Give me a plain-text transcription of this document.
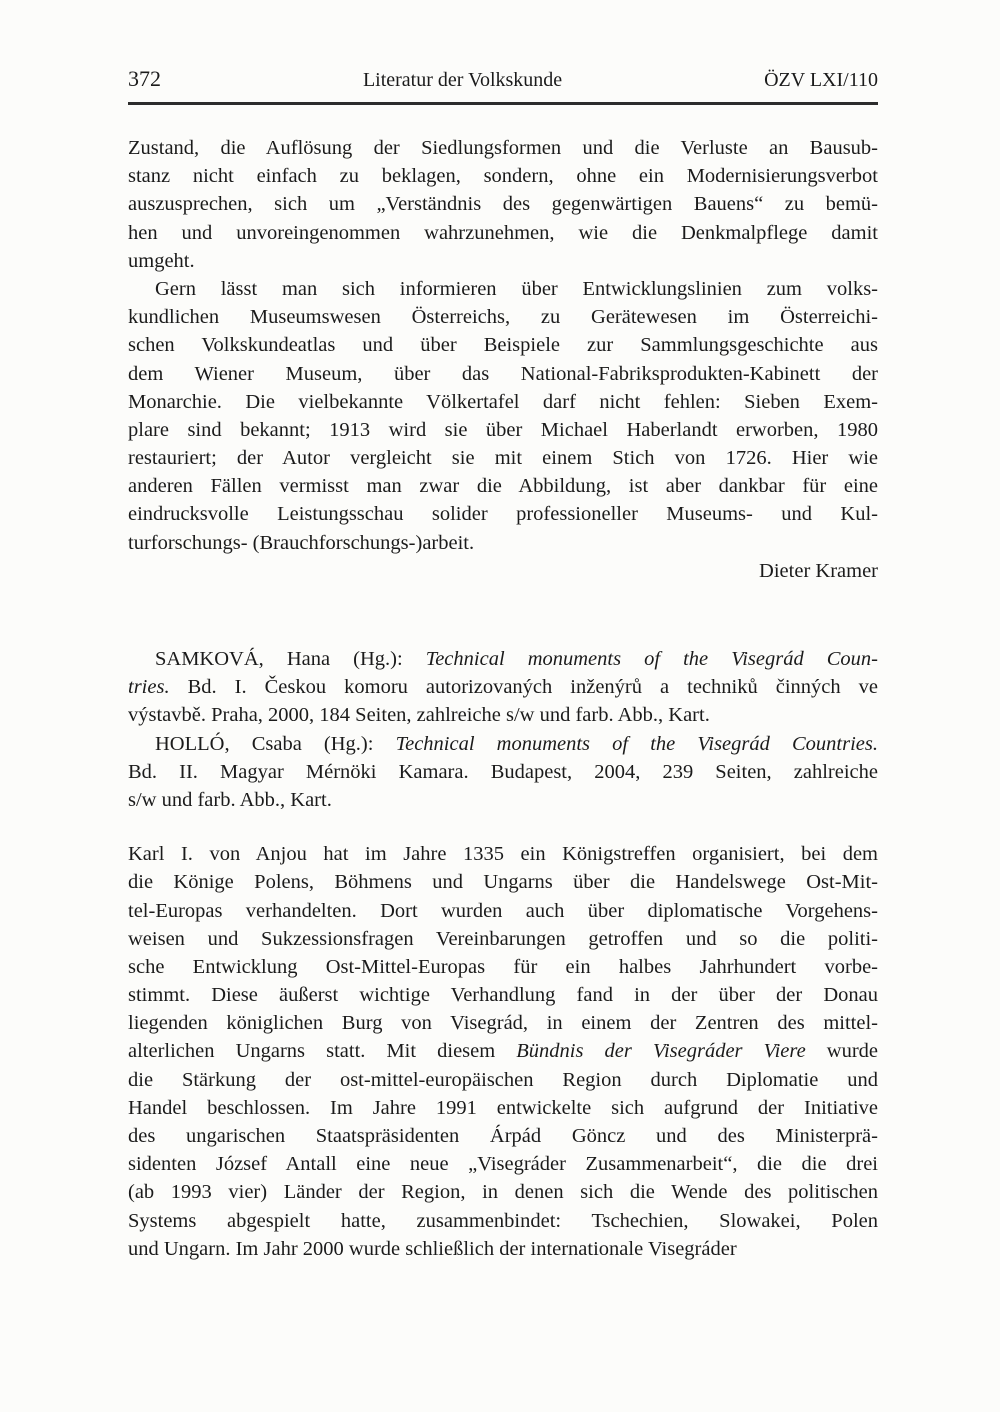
372	Literatur der Volkskunde	ÖZV LXI/110
Zustand, die Auflösung der Siedlungsformen und die Verluste an Bausub-
stanz nicht einfach zu beklagen, sondern, ohne ein Modernisierungsverbot
auszusprechen, sich um „Verständnis des gegenwärtigen Bauens“ zu bemü-
hen und unvoreingenommen wahrzunehmen, wie die Denkmalpflege damit
umgeht.
Gern lässt man sich informieren über Entwicklungslinien zum volks-
kundlichen Museumswesen Österreichs, zu Gerätewesen im Österreichi-
schen Volkskundeatlas und über Beispiele zur Sammlungsgeschichte aus
dem Wiener Museum, über das National-Fabriksprodukten-Kabinett der
Monarchie. Die vielbekannte Völkertafel darf nicht fehlen: Sieben Exem-
plare sind bekannt; 1913 wird sie über Michael Haberlandt erworben, 1980
restauriert; der Autor vergleicht sie mit einem Stich von 1726. Hier wie
anderen Fällen vermisst man zwar die Abbildung, ist aber dankbar für eine
eindrucksvolle Leistungsschau solider professioneller Museums- und Kul-
turforschungs- (Brauchforschungs-)arbeit.
Dieter Kramer
SAMKOVÁ, Hana (Hg.): Technical monuments of the Visegrád Coun-
tries. Bd. I. Českou komoru autorizovaných inženýrů a techniků činných ve
výstavbě. Praha, 2000, 184 Seiten, zahlreiche s/w und farb. Abb., Kart.
HOLLÓ, Csaba (Hg.): Technical monuments of the Visegrád Countries.
Bd. II. Magyar Mérnöki Kamara. Budapest, 2004, 239 Seiten, zahlreiche
s/w und farb. Abb., Kart.
Karl I. von Anjou hat im Jahre 1335 ein Königstreffen organisiert, bei dem
die Könige Polens, Böhmens und Ungarns über die Handelswege Ost-Mit-
tel-Europas verhandelten. Dort wurden auch über diplomatische Vorgehens-
weisen und Sukzessionsfragen Vereinbarungen getroffen und so die politi-
sche Entwicklung Ost-Mittel-Europas für ein halbes Jahrhundert vorbe-
stimmt. Diese äußerst wichtige Verhandlung fand in der über der Donau
liegenden königlichen Burg von Visegrád, in einem der Zentren des mittel-
alterlichen Ungarns statt. Mit diesem Bündnis der Visegráder Viere wurde
die Stärkung der ost-mittel-europäischen Region durch Diplomatie und
Handel beschlossen. Im Jahre 1991 entwickelte sich aufgrund der Initiative
des ungarischen Staatspräsidenten Árpád Göncz und des Ministerprä-
sidenten József Antall eine neue „Visegráder Zusammenarbeit“, die die drei
(ab 1993 vier) Länder der Region, in denen sich die Wende des politischen
Systems abgespielt hatte, zusammenbindet: Tschechien, Slowakei, Polen
und Ungarn. Im Jahr 2000 wurde schließlich der internationale Visegráder
